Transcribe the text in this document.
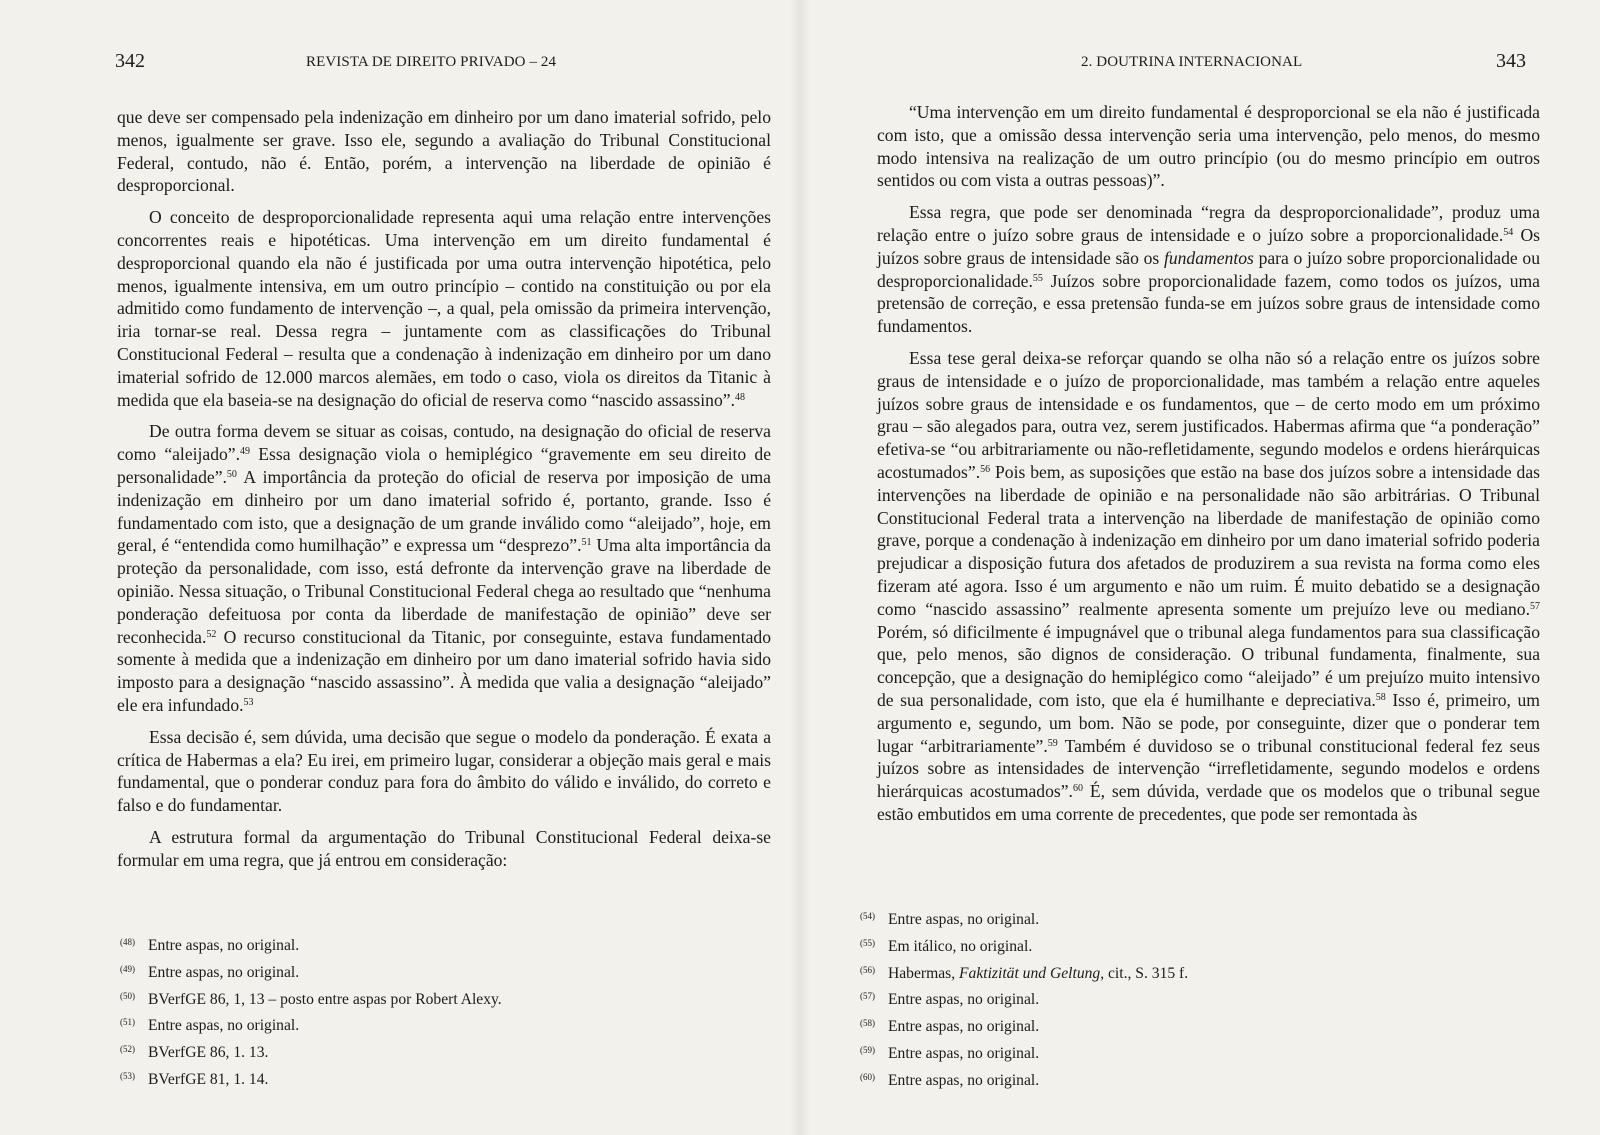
342	REVISTA DE DIREITO PRIVADO – 24

que deve ser compensado pela indenização em dinheiro por um dano imaterial sofrido, pelo menos, igualmente ser grave. Isso ele, segundo a avaliação do Tribunal Constitucional Federal, contudo, não é. Então, porém, a intervenção na liberdade de opinião é desproporcional.

O conceito de desproporcionalidade representa aqui uma relação entre intervenções concorrentes reais e hipotéticas. Uma intervenção em um direito fundamental é desproporcional quando ela não é justificada por uma outra intervenção hipotética, pelo menos, igualmente intensiva, em um outro princípio – contido na constituição ou por ela admitido como fundamento de intervenção –, a qual, pela omissão da primeira intervenção, iria tornar-se real. Dessa regra – juntamente com as classificações do Tribunal Constitucional Federal – resulta que a condenação à indenização em dinheiro por um dano imaterial sofrido de 12.000 marcos alemães, em todo o caso, viola os direitos da Titanic à medida que ela baseia-se na designação do oficial de reserva como “nascido assassino”.$^{48}$

De outra forma devem se situar as coisas, contudo, na designação do oficial de reserva como “aleijado”.$^{49}$ Essa designação viola o hemiplégico “gravemente em seu direito de personalidade”.$^{50}$ A importância da proteção do oficial de reserva por imposição de uma indenização em dinheiro por um dano imaterial sofrido é, portanto, grande. Isso é fundamentado com isto, que a designação de um grande inválido como “aleijado”, hoje, em geral, é “entendida como humilhação” e expressa um “desprezo”.$^{51}$ Uma alta importância da proteção da personalidade, com isso, está defronte da intervenção grave na liberdade de opinião. Nessa situação, o Tribunal Constitucional Federal chega ao resultado que “nenhuma ponderação defeituosa por conta da liberdade de manifestação de opinião” deve ser reconhecida.$^{52}$ O recurso constitucional da Titanic, por conseguinte, estava fundamentado somente à medida que a indenização em dinheiro por um dano imaterial sofrido havia sido imposto para a designação “nascido assassino”. À medida que valia a designação “aleijado” ele era infundado.$^{53}$

Essa decisão é, sem dúvida, uma decisão que segue o modelo da ponderação. É exata a crítica de Habermas a ela? Eu irei, em primeiro lugar, considerar a objeção mais geral e mais fundamental, que o ponderar conduz para fora do âmbito do válido e inválido, do correto e falso e do fundamentar.

A estrutura formal da argumentação do Tribunal Constitucional Federal deixa-se formular em uma regra, que já entrou em consideração:

(48) Entre aspas, no original.
(49) Entre aspas, no original.
(50) BVerfGE 86, 1, 13 – posto entre aspas por Robert Alexy.
(51) Entre aspas, no original.
(52) BVerfGE 86, 1. 13.
(53) BVerfGE 81, 1. 14.
2. DOUTRINA INTERNACIONAL	343

“Uma intervenção em um direito fundamental é desproporcional se ela não é justificada com isto, que a omissão dessa intervenção seria uma intervenção, pelo menos, do mesmo modo intensiva na realização de um outro princípio (ou do mesmo princípio em outros sentidos ou com vista a outras pessoas)”.

Essa regra, que pode ser denominada “regra da desproporcionalidade”, produz uma relação entre o juízo sobre graus de intensidade e o juízo sobre a proporcionalidade.$^{54}$ Os juízos sobre graus de intensidade são os fundamentos para o juízo sobre proporcionalidade ou desproporcionalidade.$^{55}$ Juízos sobre proporcionalidade fazem, como todos os juízos, uma pretensão de correção, e essa pretensão funda-se em juízos sobre graus de intensidade como fundamentos.

Essa tese geral deixa-se reforçar quando se olha não só a relação entre os juízos sobre graus de intensidade e o juízo de proporcionalidade, mas também a relação entre aqueles juízos sobre graus de intensidade e os fundamentos, que – de certo modo em um próximo grau – são alegados para, outra vez, serem justificados. Habermas afirma que “a ponderação” efetiva-se “ou arbitrariamente ou não-refletidamente, segundo modelos e ordens hierárquicas acostumados”.$^{56}$ Pois bem, as suposições que estão na base dos juízos sobre a intensidade das intervenções na liberdade de opinião e na personalidade não são arbitrárias. O Tribunal Constitucional Federal trata a intervenção na liberdade de manifestação de opinião como grave, porque a condenação à indenização em dinheiro por um dano imaterial sofrido poderia prejudicar a disposição futura dos afetados de produzirem a sua revista na forma como eles fizeram até agora. Isso é um argumento e não um ruim. É muito debatido se a designação como “nascido assassino” realmente apresenta somente um prejuízo leve ou mediano.$^{57}$ Porém, só dificilmente é impugnável que o tribunal alega fundamentos para sua classificação que, pelo menos, são dignos de consideração. O tribunal fundamenta, finalmente, sua concepção, que a designação do hemiplégico como “aleijado” é um prejuízo muito intensivo de sua personalidade, com isto, que ela é humilhante e depreciativa.$^{58}$ Isso é, primeiro, um argumento e, segundo, um bom. Não se pode, por conseguinte, dizer que o ponderar tem lugar “arbitrariamente”.$^{59}$ Também é duvidoso se o tribunal constitucional federal fez seus juízos sobre as intensidades de intervenção “irrefletidamente, segundo modelos e ordens hierárquicas acostumados”.$^{60}$ É, sem dúvida, verdade que os modelos que o tribunal segue estão embutidos em uma corrente de precedentes, que pode ser remontada às

(54) Entre aspas, no original.
(55) Em itálico, no original.
(56) Habermas, Faktizität und Geltung, cit., S. 315 f.
(57) Entre aspas, no original.
(58) Entre aspas, no original.
(59) Entre aspas, no original.
(60) Entre aspas, no original.
